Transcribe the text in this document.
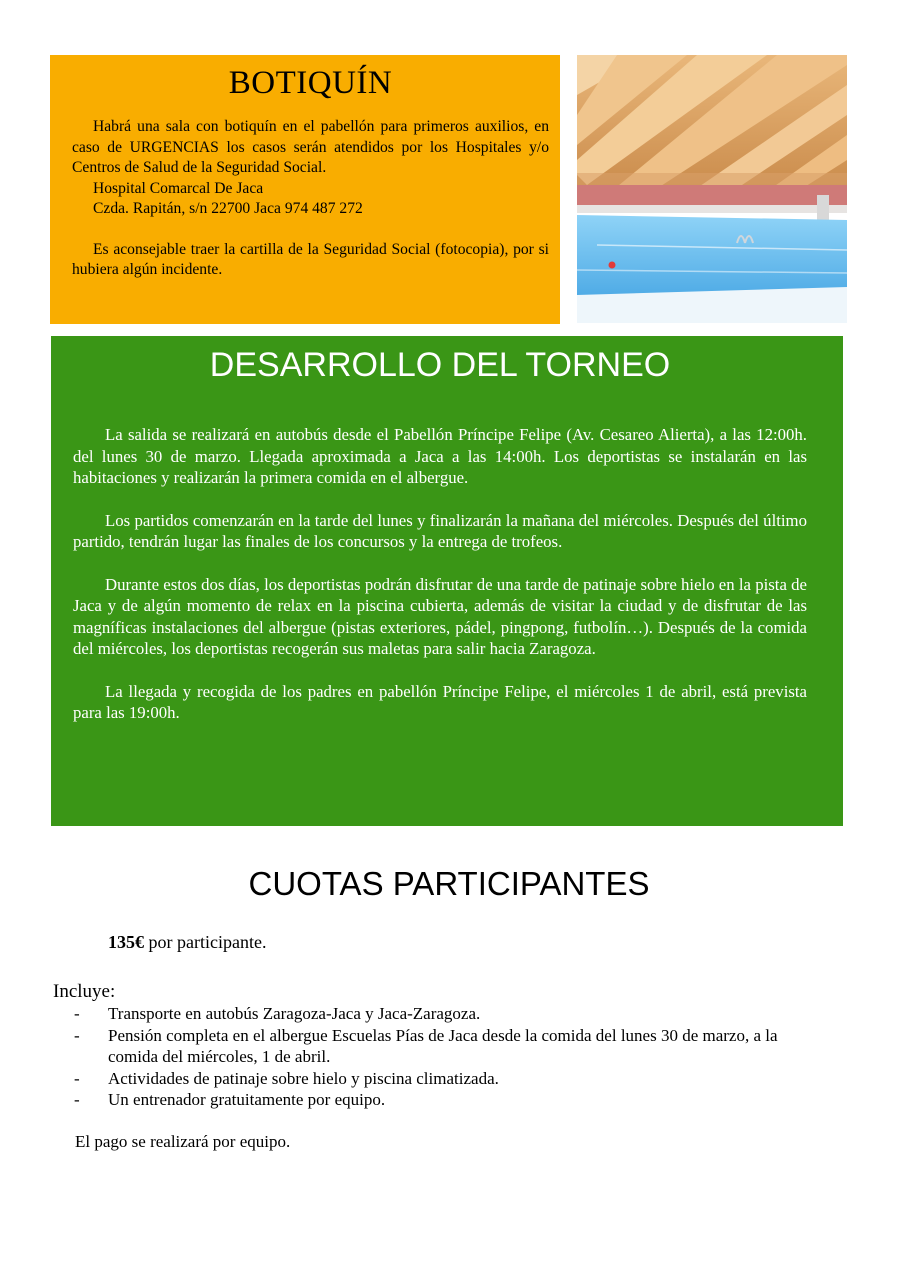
BOTIQUÍN

Habrá una sala con botiquín en el pabellón para primeros auxilios, en caso de URGENCIAS los casos serán atendidos por los Hospitales y/o Centros de Salud de la Seguridad Social.

Hospital Comarcal De Jaca

Czda. Rapitán, s/n 22700 Jaca 974 487 272

Es aconsejable traer la cartilla de la Seguridad Social (fotocopia), por si hubiera algún incidente.

DESARROLLO DEL TORNEO

La salida se realizará en autobús desde el Pabellón Príncipe Felipe (Av. Cesareo Alierta), a las 12:00h. del lunes 30 de marzo. Llegada aproximada a Jaca a las 14:00h. Los deportistas se instalarán en las habitaciones y realizarán la primera comida en el albergue.

Los partidos comenzarán en la tarde del lunes y finalizarán la mañana del miércoles. Después del último partido, tendrán lugar las finales de los concursos y la entrega de trofeos.

Durante estos dos días, los deportistas podrán disfrutar de una tarde de patinaje sobre hielo en la pista de Jaca y de algún momento de relax en la piscina cubierta, además de visitar la ciudad y de disfrutar de las magníficas instalaciones del albergue (pistas exteriores, pádel, pingpong, futbolín…). Después de la comida del miércoles, los deportistas recogerán sus maletas para salir hacia Zaragoza.

La llegada y recogida de los padres en pabellón Príncipe Felipe, el miércoles 1 de abril, está prevista para las 19:00h.

CUOTAS PARTICIPANTES
135€ por participante.
Incluye:
- Transporte en autobús Zaragoza-Jaca y Jaca-Zaragoza.
- Pensión completa en el albergue Escuelas Pías de Jaca desde la comida del lunes 30 de marzo, a la comida del miércoles, 1 de abril.
- Actividades de patinaje sobre hielo y piscina climatizada.
- Un entrenador gratuitamente por equipo.
El pago se realizará por equipo.
